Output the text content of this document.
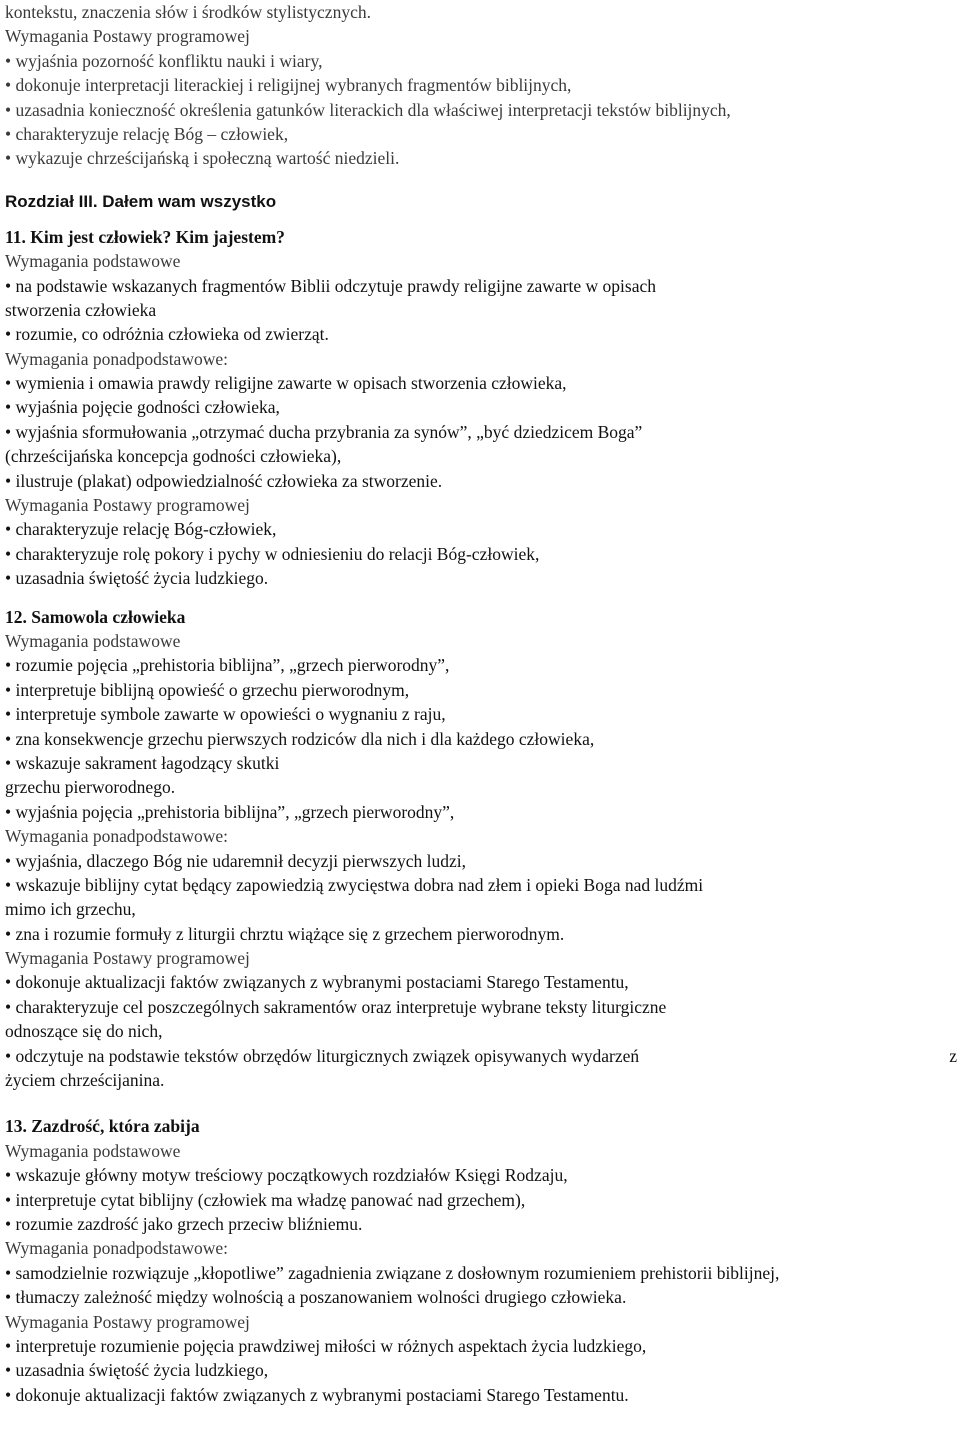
kontekstu, znaczenia słów i środków stylistycznych.
Wymagania Postawy programowej
• wyjaśnia pozorność konfliktu nauki i wiary,
• dokonuje interpretacji literackiej i religijnej wybranych fragmentów biblijnych,
• uzasadnia konieczność określenia gatunków literackich dla właściwej interpretacji tekstów biblijnych,
• charakteryzuje relację Bóg – człowiek,
• wykazuje chrześcijańską i społeczną wartość niedzieli.
Rozdział III. Dałem wam wszystko
11. Kim jest człowiek? Kim jajestem?
Wymagania podstawowe
• na podstawie wskazanych fragmentów Biblii odczytuje prawdy religijne zawarte w opisach
stworzenia człowieka
• rozumie, co odróżnia człowieka od zwierząt.
Wymagania ponadpodstawowe:
• wymienia i omawia prawdy religijne zawarte w opisach stworzenia człowieka,
• wyjaśnia pojęcie godności człowieka,
• wyjaśnia sformułowania „otrzymać ducha przybrania za synów”, „być dziedzicem Boga”
(chrześcijańska koncepcja godności człowieka),
• ilustruje (plakat) odpowiedzialność człowieka za stworzenie.
Wymagania Postawy programowej
• charakteryzuje relację Bóg-człowiek,
• charakteryzuje rolę pokory i pychy w odniesieniu do relacji Bóg-człowiek,
• uzasadnia świętość życia ludzkiego.
_
12. Samowola człowieka
Wymagania podstawowe
• rozumie pojęcia „prehistoria biblijna”, „grzech pierworodny”,
• interpretuje biblijną opowieść o grzechu pierworodnym,
• interpretuje symbole zawarte w opowieści o wygnaniu z raju,
• zna konsekwencje grzechu pierwszych rodziców dla nich i dla każdego człowieka,
• wskazuje sakrament łagodzący skutki
grzechu pierworodnego.
• wyjaśnia pojęcia „prehistoria biblijna”, „grzech pierworodny”,
Wymagania ponadpodstawowe:
• wyjaśnia, dlaczego Bóg nie udaremnił decyzji pierwszych ludzi,
• wskazuje biblijny cytat będący zapowiedzią zwycięstwa dobra nad złem i opieki Boga nad ludźmi
mimo ich grzechu,
• zna i rozumie formuły z liturgii chrztu wiążące się z grzechem pierworodnym.
Wymagania Postawy programowej
• dokonuje aktualizacji faktów związanych z wybranymi postaciami Starego Testamentu,
• charakteryzuje cel poszczególnych sakramentów oraz interpretuje wybrane teksty liturgiczne
odnoszące się do nich,
• odczytuje na podstawie tekstów obrzędów liturgicznych związek opisywanych wydarzeń	z
życiem chrześcijanina.
13. Zazdrość, która zabija
Wymagania podstawowe
• wskazuje główny motyw treściowy początkowych rozdziałów Księgi Rodzaju,
• interpretuje cytat biblijny (człowiek ma władzę panować nad grzechem),
• rozumie zazdrość jako grzech przeciw bliźniemu.
Wymagania ponadpodstawowe:
• samodzielnie rozwiązuje „kłopotliwe” zagadnienia związane z dosłownym rozumieniem prehistorii biblijnej,
• tłumaczy zależność między wolnością a poszanowaniem wolności drugiego człowieka.
Wymagania Postawy programowej
• interpretuje rozumienie pojęcia prawdziwej miłości w różnych aspektach życia ludzkiego,
• uzasadnia świętość życia ludzkiego,
• dokonuje aktualizacji faktów związanych z wybranymi postaciami Starego Testamentu.
